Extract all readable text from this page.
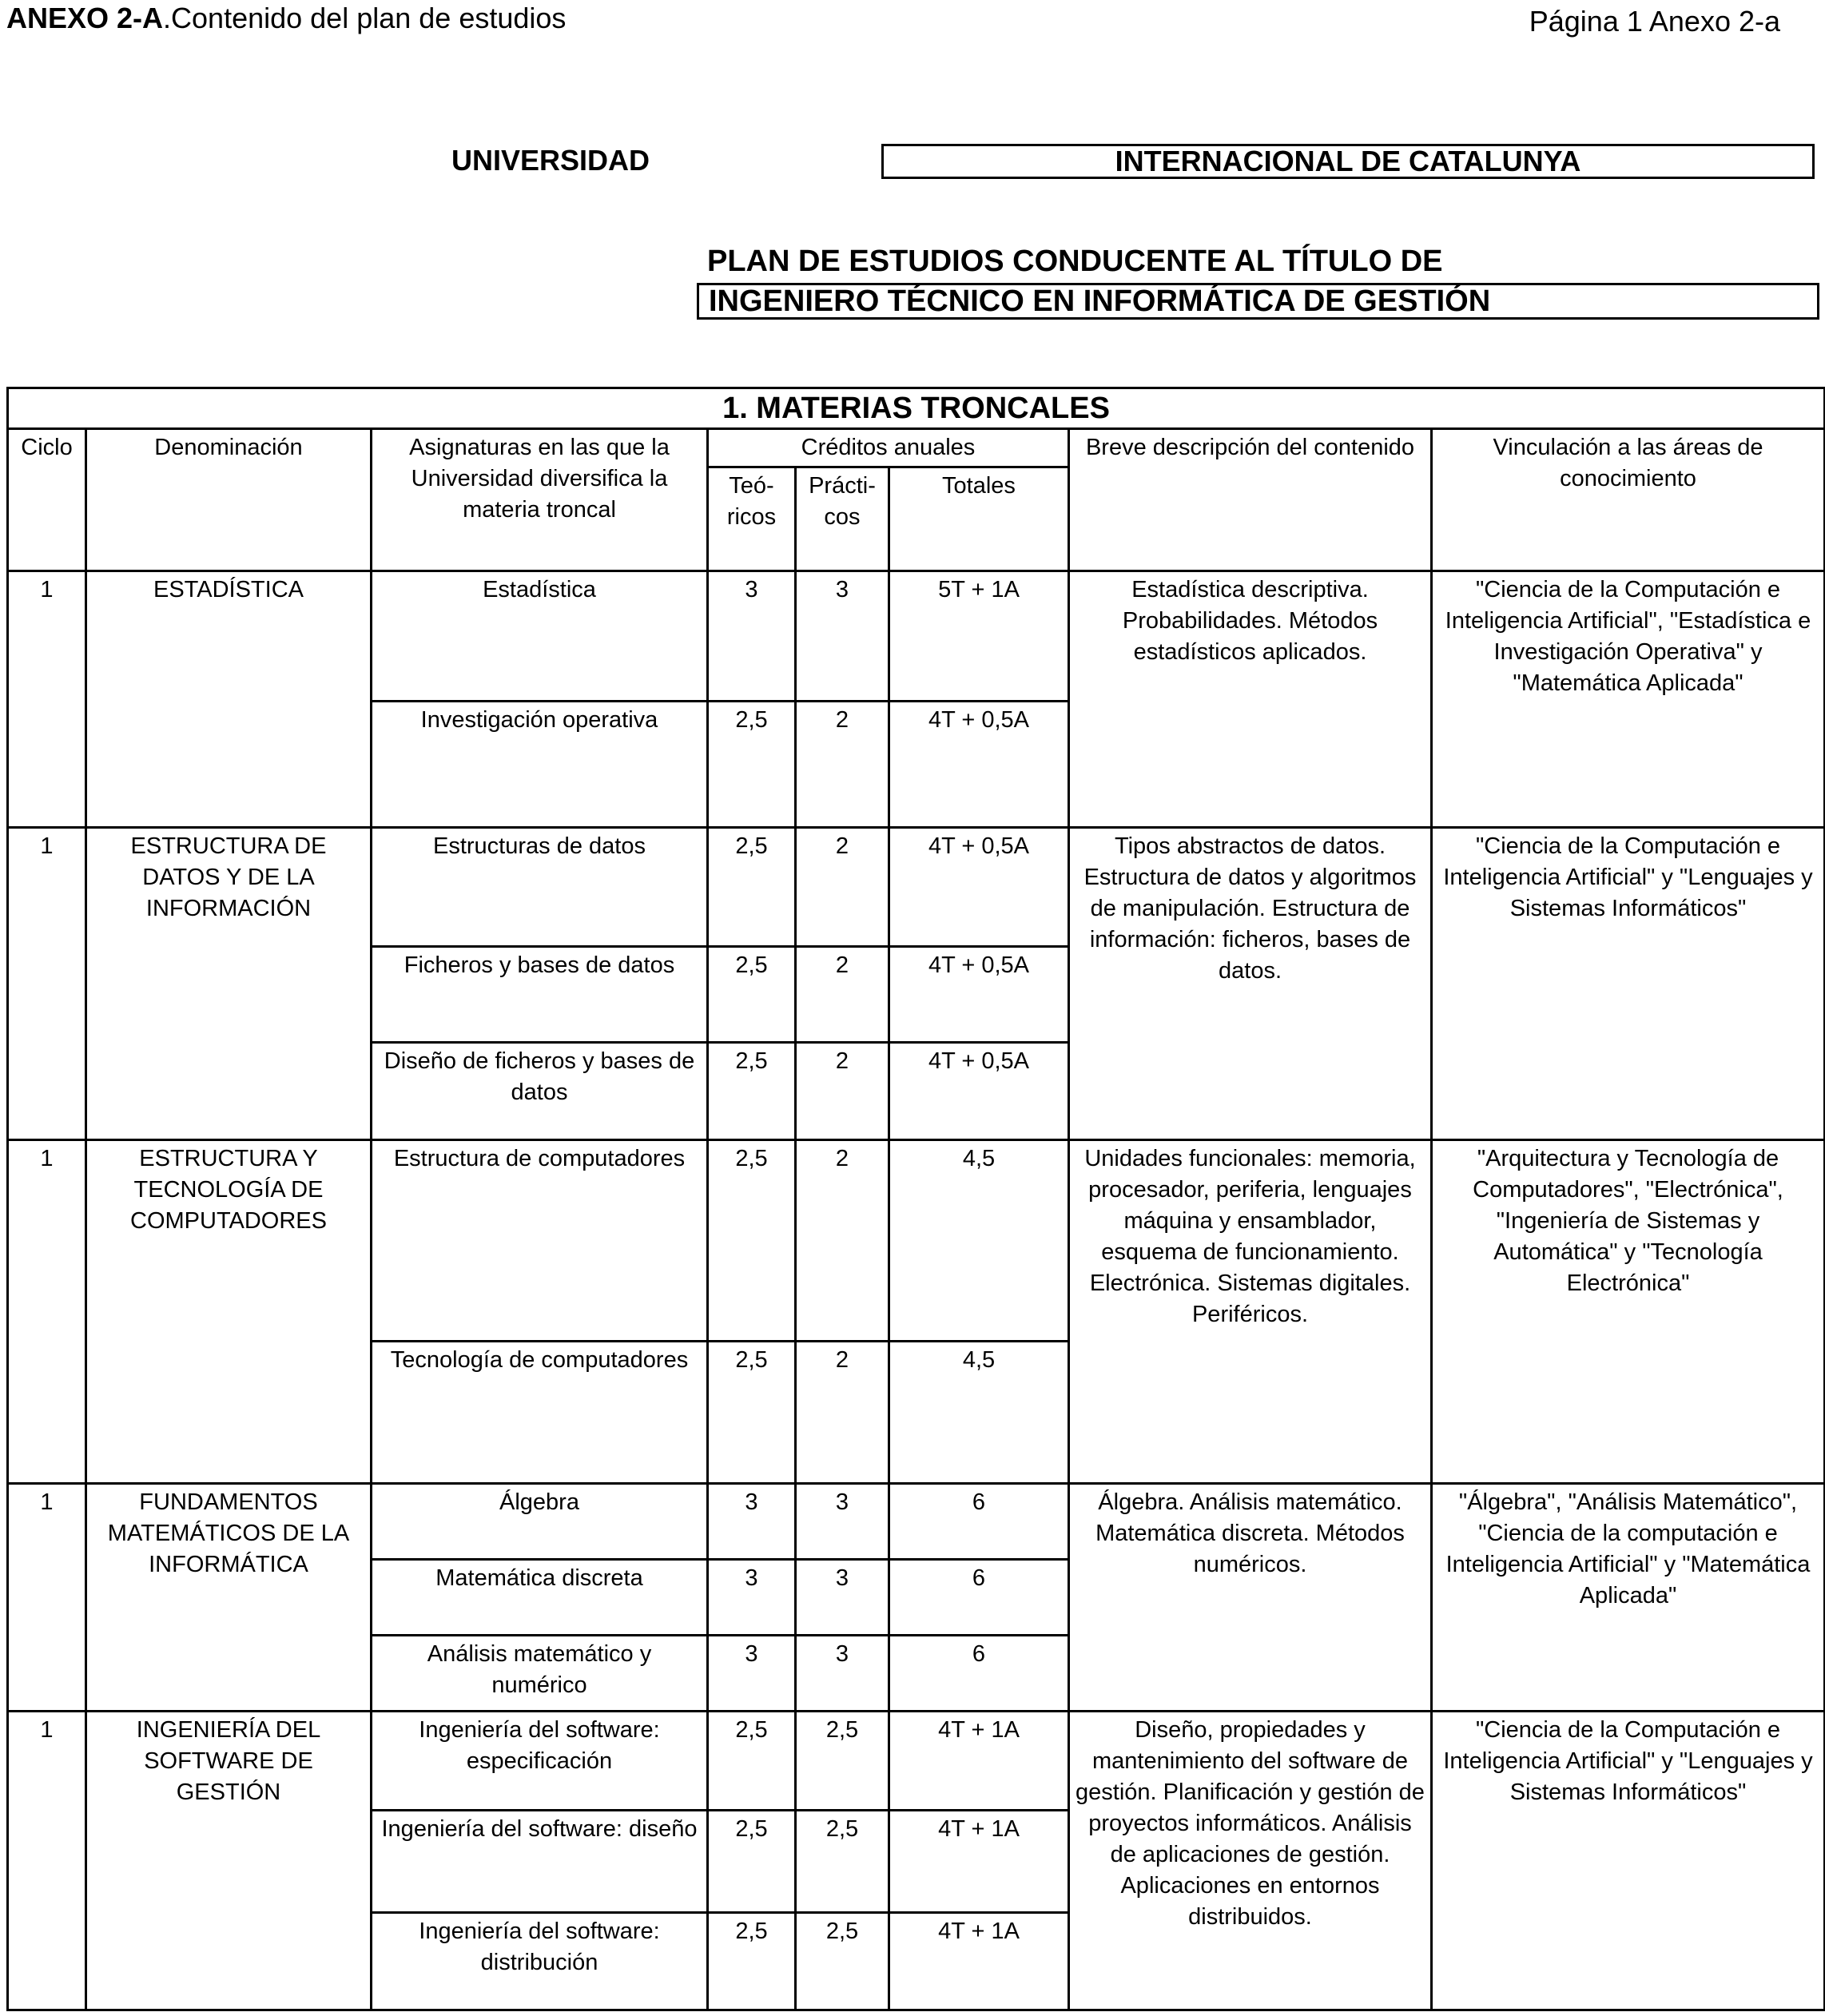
ANEXO 2-A.Contenido del plan de estudios	Página 1 Anexo 2-a
UNIVERSIDAD	INTERNACIONAL DE CATALUNYA
PLAN DE ESTUDIOS CONDUCENTE AL TÍTULO DE
INGENIERO TÉCNICO EN INFORMÁTICA DE GESTIÓN
1. MATERIAS TRONCALES							
Ciclo	Denominación	Asignaturas en las que la Universidad diversifica la materia troncal	Créditos anuales			Breve descripción del contenido	Vinculación a las áreas de conocimiento
			Teó-ricos	Prácti-cos	Totales		
1	ESTADÍSTICA	Estadística	3	3	5T + 1A	Estadística descriptiva. Probabilidades. Métodos estadísticos aplicados.	"Ciencia de la Computación e Inteligencia Artificial", "Estadística e Investigación Operativa" y "Matemática Aplicada"
		Investigación operativa	2,5	2	4T + 0,5A		
1	ESTRUCTURA DE DATOS Y DE LA INFORMACIÓN	Estructuras de datos	2,5	2	4T + 0,5A	Tipos abstractos de datos. Estructura de datos y algoritmos de manipulación. Estructura de información: ficheros, bases de datos.	"Ciencia de la Computación e Inteligencia Artificial" y "Lenguajes y Sistemas Informáticos"
		Ficheros y bases de datos	2,5	2	4T + 0,5A		
		Diseño de ficheros y bases de datos	2,5	2	4T + 0,5A		
1	ESTRUCTURA Y TECNOLOGÍA DE COMPUTADORES	Estructura de computadores	2,5	2	4,5	Unidades funcionales: memoria, procesador, periferia, lenguajes máquina y ensamblador, esquema de funcionamiento. Electrónica. Sistemas digitales. Periféricos.	"Arquitectura y Tecnología de Computadores", "Electrónica", "Ingeniería de Sistemas y Automática" y "Tecnología Electrónica"
		Tecnología de computadores	2,5	2	4,5		
1	FUNDAMENTOS MATEMÁTICOS DE LA INFORMÁTICA	Álgebra	3	3	6	Álgebra. Análisis matemático. Matemática discreta. Métodos numéricos.	"Álgebra", "Análisis Matemático", "Ciencia de la computación e Inteligencia Artificial" y "Matemática Aplicada"
		Matemática discreta	3	3	6		
		Análisis matemático y numérico	3	3	6		
1	INGENIERÍA DEL SOFTWARE DE GESTIÓN	Ingeniería del software: especificación	2,5	2,5	4T + 1A	Diseño, propiedades y mantenimiento del software de gestión. Planificación y gestión de proyectos informáticos. Análisis de aplicaciones de gestión. Aplicaciones en entornos distribuidos.	"Ciencia de la Computación e Inteligencia Artificial" y "Lenguajes y Sistemas Informáticos"
		Ingeniería del software: diseño	2,5	2,5	4T + 1A		
		Ingeniería del software: distribución	2,5	2,5	4T + 1A		
